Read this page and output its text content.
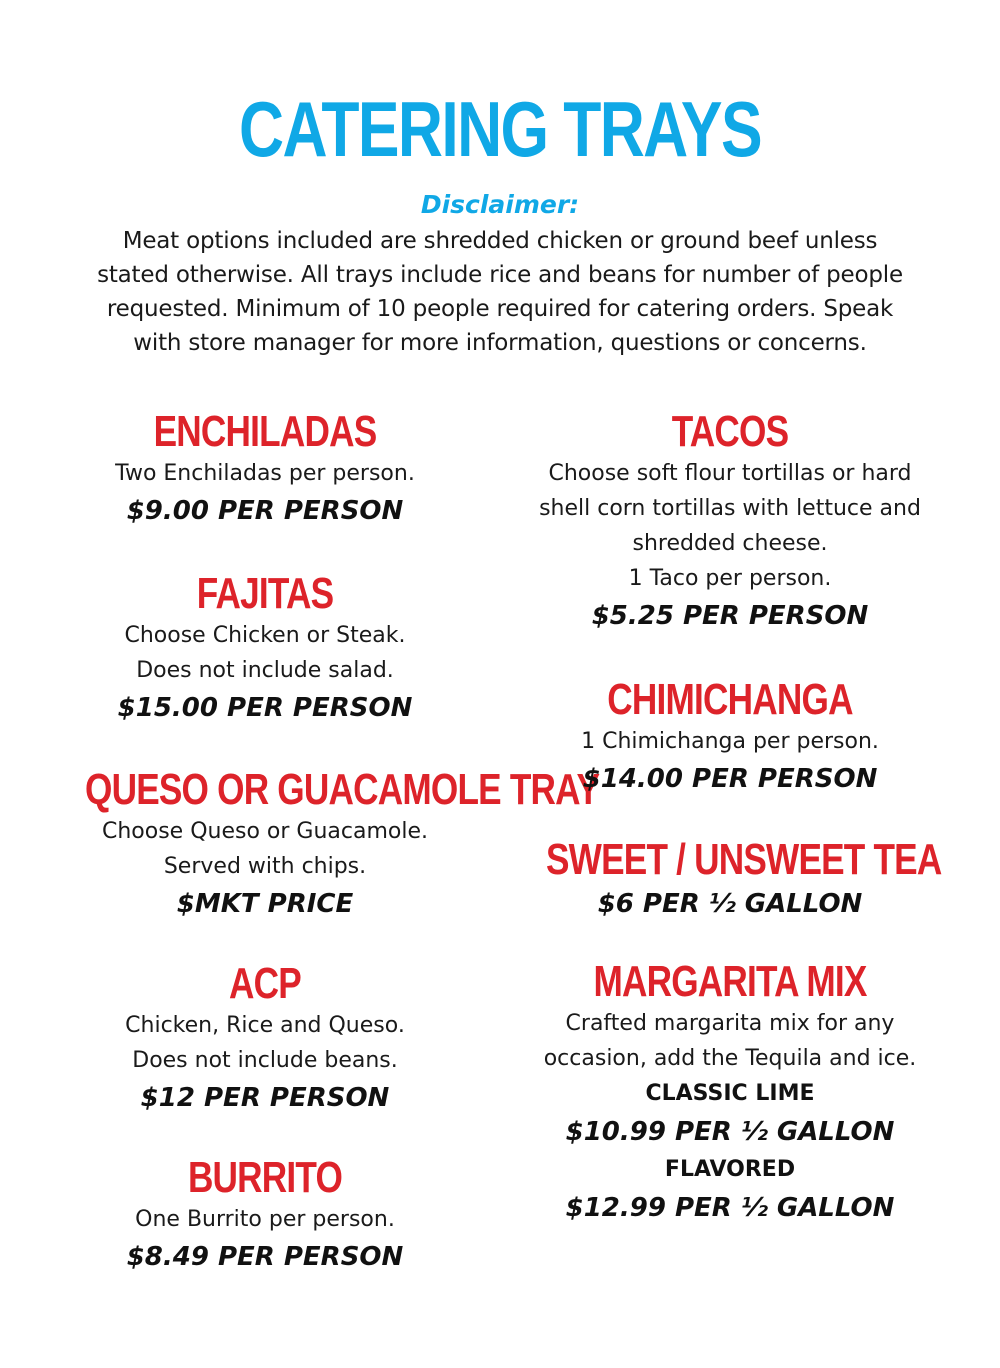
CATERING TRAYS
Disclaimer:
Meat options included are shredded chicken or ground beef unless
stated otherwise. All trays include rice and beans for number of people
requested. Minimum of 10 people required for catering orders. Speak
with store manager for more information, questions or concerns.
ENCHILADAS

Two Enchiladas per person.

$9.00 PER PERSON
FAJITAS

Choose Chicken or Steak.

Does not include salad.

$15.00 PER PERSON
QUESO OR GUACAMOLE TRAY

Choose Queso or Guacamole.

Served with chips.

$MKT PRICE
ACP

Chicken, Rice and Queso.

Does not include beans.

$12 PER PERSON
BURRITO

One Burrito per person.

$8.49 PER PERSON
TACOS

Choose soft flour tortillas or hard

shell corn tortillas with lettuce and

shredded cheese.

1 Taco per person.

$5.25 PER PERSON
CHIMICHANGA

1 Chimichanga per person.

$14.00 PER PERSON
SWEET / UNSWEET TEA
$6 PER ½ GALLON
MARGARITA MIX

Crafted margarita mix for any

occasion, add the Tequila and ice.

CLASSIC LIME
$10.99 PER ½ GALLON
FLAVORED
$12.99 PER ½ GALLON
